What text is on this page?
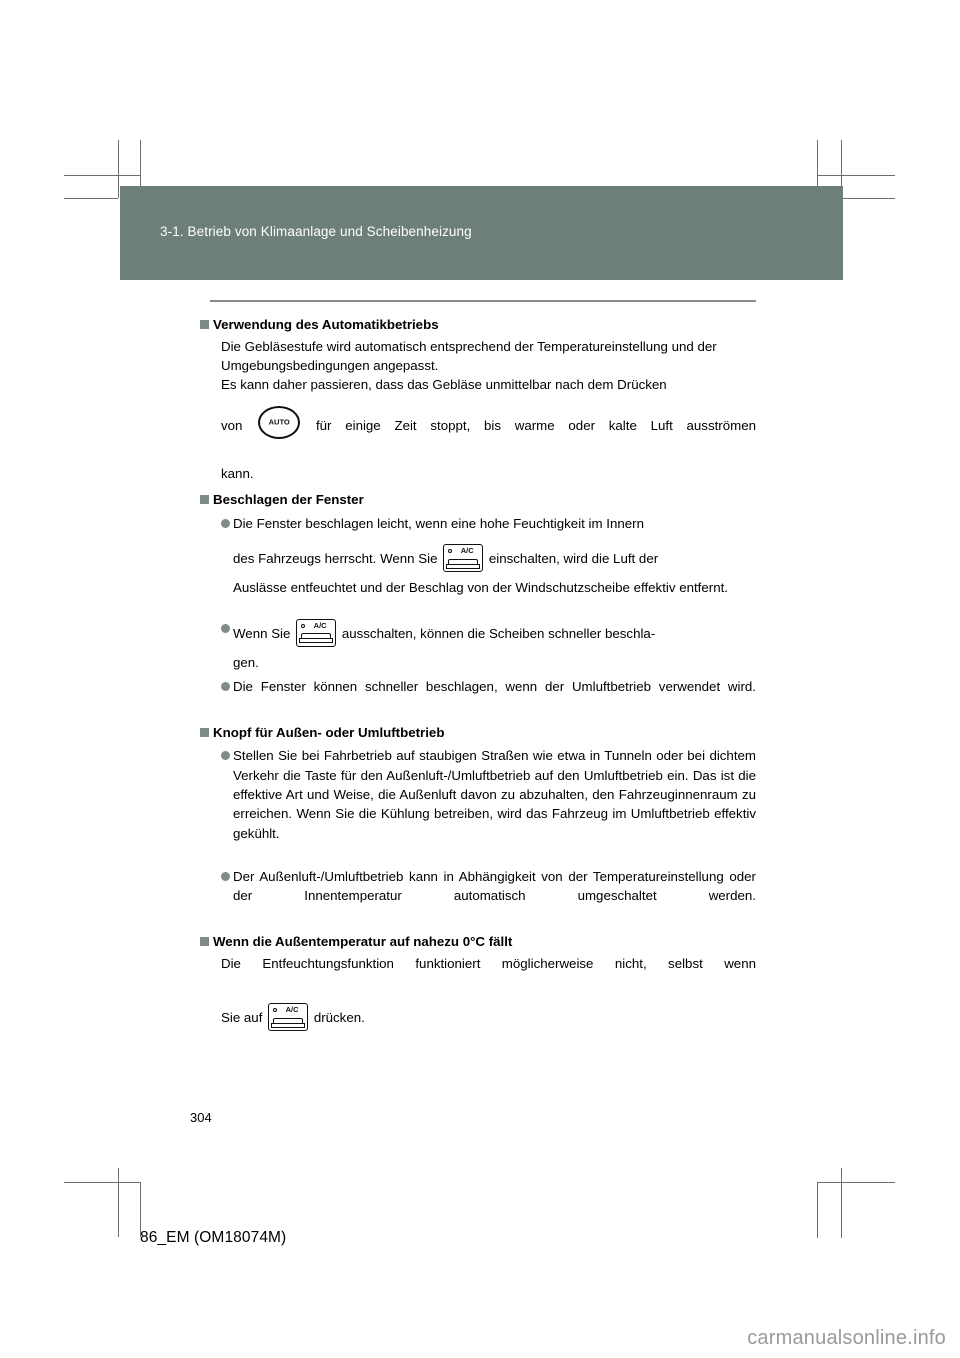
3-1. Betrieb von Klimaanlage und Scheibenheizung
Verwendung des Automatikbetriebs
Die Gebläsestufe wird automatisch entsprechend der Temperatureinstellung und der Umgebungsbedingungen angepasst.
Es kann daher passieren, dass das Gebläse unmittelbar nach dem Drücken
von	AUTO	für einige Zeit stoppt, bis warme oder kalte Luft ausströmen
kann.
Beschlagen der Fenster
Die Fenster beschlagen leicht, wenn eine hohe Feuchtigkeit im Innern
des Fahrzeugs herrscht. Wenn Sie
A/C
einschalten, wird die Luft der
Auslässe entfeuchtet und der Beschlag von der Windschutzscheibe effektiv entfernt.
Wenn Sie
A/C
ausschalten, können die Scheiben schneller beschla-
gen.
Die Fenster können schneller beschlagen, wenn der Umluftbetrieb verwendet wird.
Knopf für Außen- oder Umluftbetrieb
Stellen Sie bei Fahrbetrieb auf staubigen Straßen wie etwa in Tunneln oder bei dichtem Verkehr die Taste für den Außenluft-/Umluftbetrieb auf den Umluftbetrieb ein. Das ist die effektive Art und Weise, die Außenluft davon zu abzuhalten, den Fahrzeuginnenraum zu erreichen. Wenn Sie die Kühlung betreiben, wird das Fahrzeug im Umluftbetrieb effektiv gekühlt.
Der Außenluft-/Umluftbetrieb kann in Abhängigkeit von der Temperatureinstellung oder der Innentemperatur automatisch umgeschaltet werden.
Wenn die Außentemperatur auf nahezu 0°C fällt
Die Entfeuchtungsfunktion funktioniert möglicherweise nicht, selbst wenn
Sie auf
A/C
drücken.
304
86_EM (OM18074M)
carmanualsonline.info
